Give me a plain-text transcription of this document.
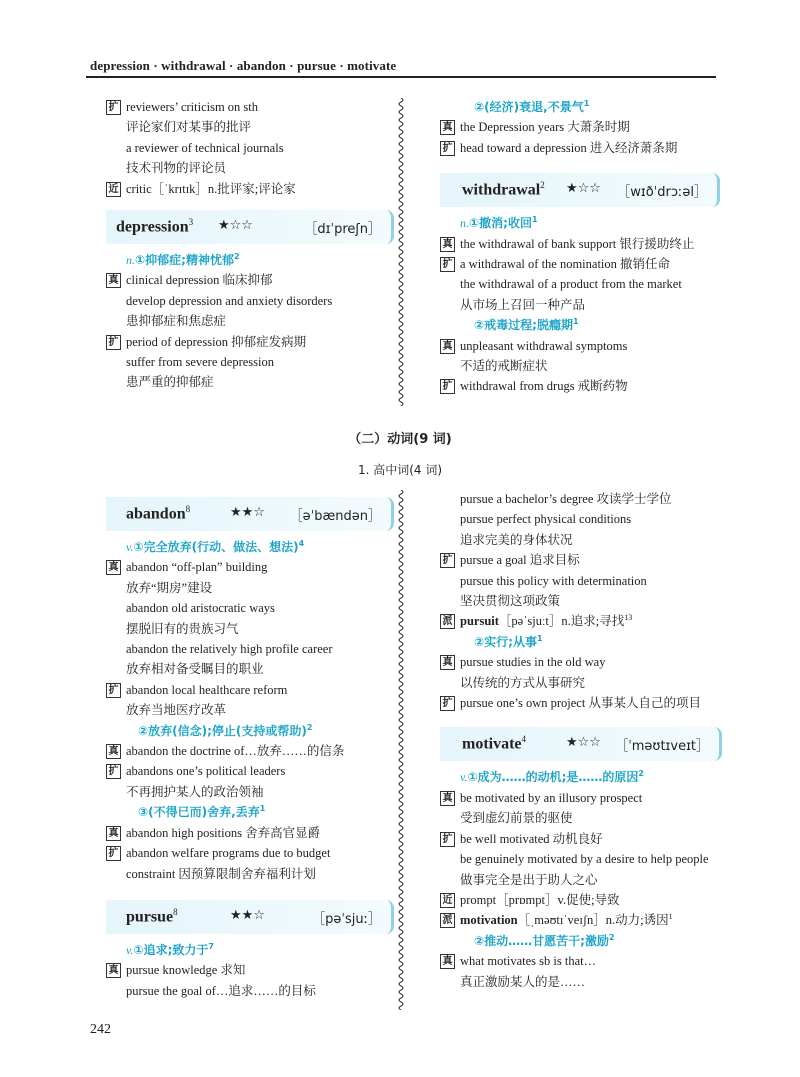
depression · withdrawal · abandon · pursue · motivate
扩 reviewers’ criticism on sth
评论家们对某事的批评
a reviewer of technical journals
技术刊物的评论员
近 critic［ˈkrɪtɪk］n.批评家;评论家
depression$^3$ ★☆☆	［dɪˈpreʃn］
n.①抑郁症;精神忧郁$^2$
真 clinical depression 临床抑郁
develop depression and anxiety disorders
患抑郁症和焦虑症
扩 period of depression 抑郁症发病期
suffer from severe depression
患严重的抑郁症
②(经济)衰退,不景气$^1$
真 the Depression years 大萧条时期
扩 head toward a depression 进入经济萧条期
withdrawal$^2$ ★☆☆ ［wɪðˈdrɔːəl］
n.①撤消;收回$^1$
真 the withdrawal of bank support 银行援助终止
扩 a withdrawal of the nomination 撤销任命
the withdrawal of a product from the market
从市场上召回一种产品
②戒毒过程;脱瘾期$^1$
真 unpleasant withdrawal symptoms
不适的戒断症状
扩 withdrawal from drugs 戒断药物
（二）动词(9 词)
1. 高中词(4 词)
abandon$^8$	★★☆ ［əˈbændən］
v.①完全放弃(行动、做法、想法)$^4$
真 abandon “off-plan” building
放弃“期房”建设
abandon old aristocratic ways
摆脱旧有的贵族习气
abandon the relatively high profile career
放弃相对备受瞩目的职业
扩 abandon local healthcare reform
放弃当地医疗改革
②放弃(信念);停止(支持或帮助)$^2$
真 abandon the doctrine of…放弃……的信条
扩 abandons one’s political leaders
不再拥护某人的政治领袖
③(不得已而)舍弃,丢弃$^1$
真 abandon high positions 舍弃高官显爵
扩 abandon welfare programs due to budget
constraint 因预算限制舍弃福利计划
pursue$^8$	★★☆	［pəˈsjuː］
v.①追求;致力于$^7$
真 pursue knowledge 求知
pursue the goal of…追求……的目标
pursue a bachelor’s degree 攻读学士学位
pursue perfect physical conditions
追求完美的身体状况
扩 pursue a goal 追求目标
pursue this policy with determination
坚决贯彻这项政策
派 pursuit［pəˈsjuːt］n.追求;寻找$^{13}$
②实行;从事$^1$
真 pursue studies in the old way
以传统的方式从事研究
扩 pursue one’s own project 从事某人自己的项目
motivate$^4$	★☆☆ ［ˈməʊtɪveɪt］
v.①成为……的动机;是……的原因$^2$
真 be motivated by an illusory prospect
受到虚幻前景的驱使
扩 be well motivated 动机良好
be genuinely motivated by a desire to help people
做事完全是出于助人之心
近 prompt［prɒmpt］v.促使;导致
派 motivation［ˌməʊtɪˈveɪʃn］n.动力;诱因$^1$
②推动……甘愿苦干;激励$^2$
真 what motivates sb is that…
真正激励某人的是……
242
